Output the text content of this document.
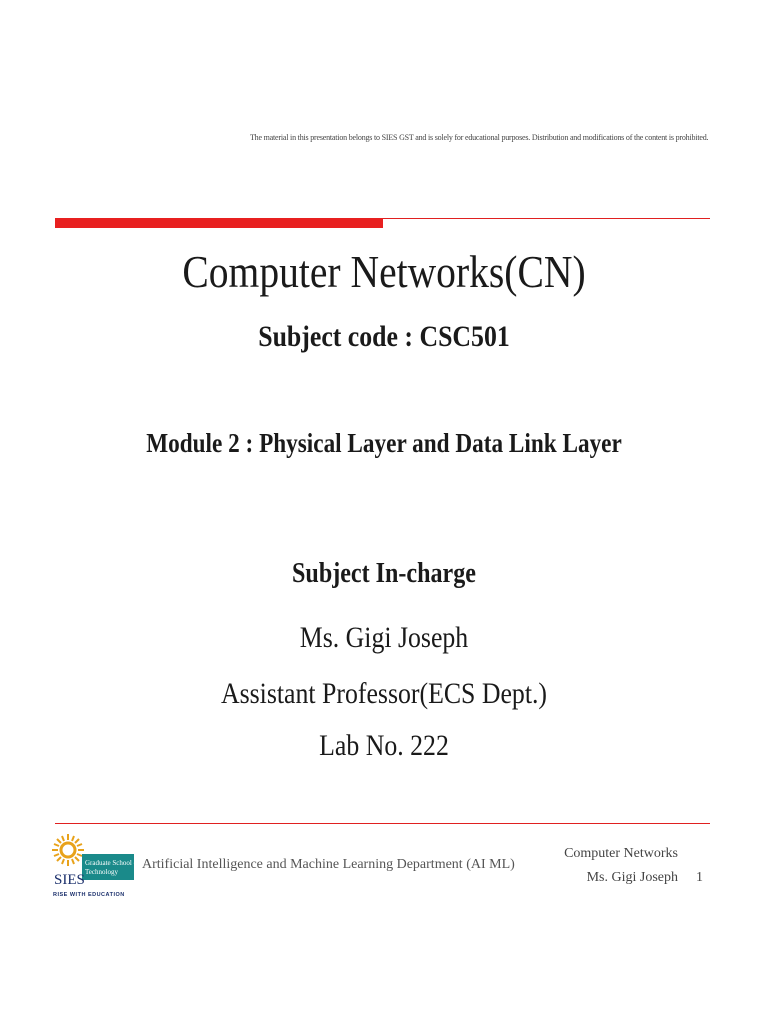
The material in this presentation belongs to SIES GST and is solely for educational purposes. Distribution and modifications of the content is prohibited.
Computer Networks(CN)
Subject code : CSC501
Module 2 : Physical Layer and Data Link Layer
Subject In-charge
Ms. Gigi Joseph
Assistant Professor(ECS Dept.)
Lab No. 222
Graduate School of
Technology
SIES
RISE WITH EDUCATION
Artificial Intelligence and Machine Learning Department (AI ML)
Computer Networks
Ms. Gigi Joseph 1
